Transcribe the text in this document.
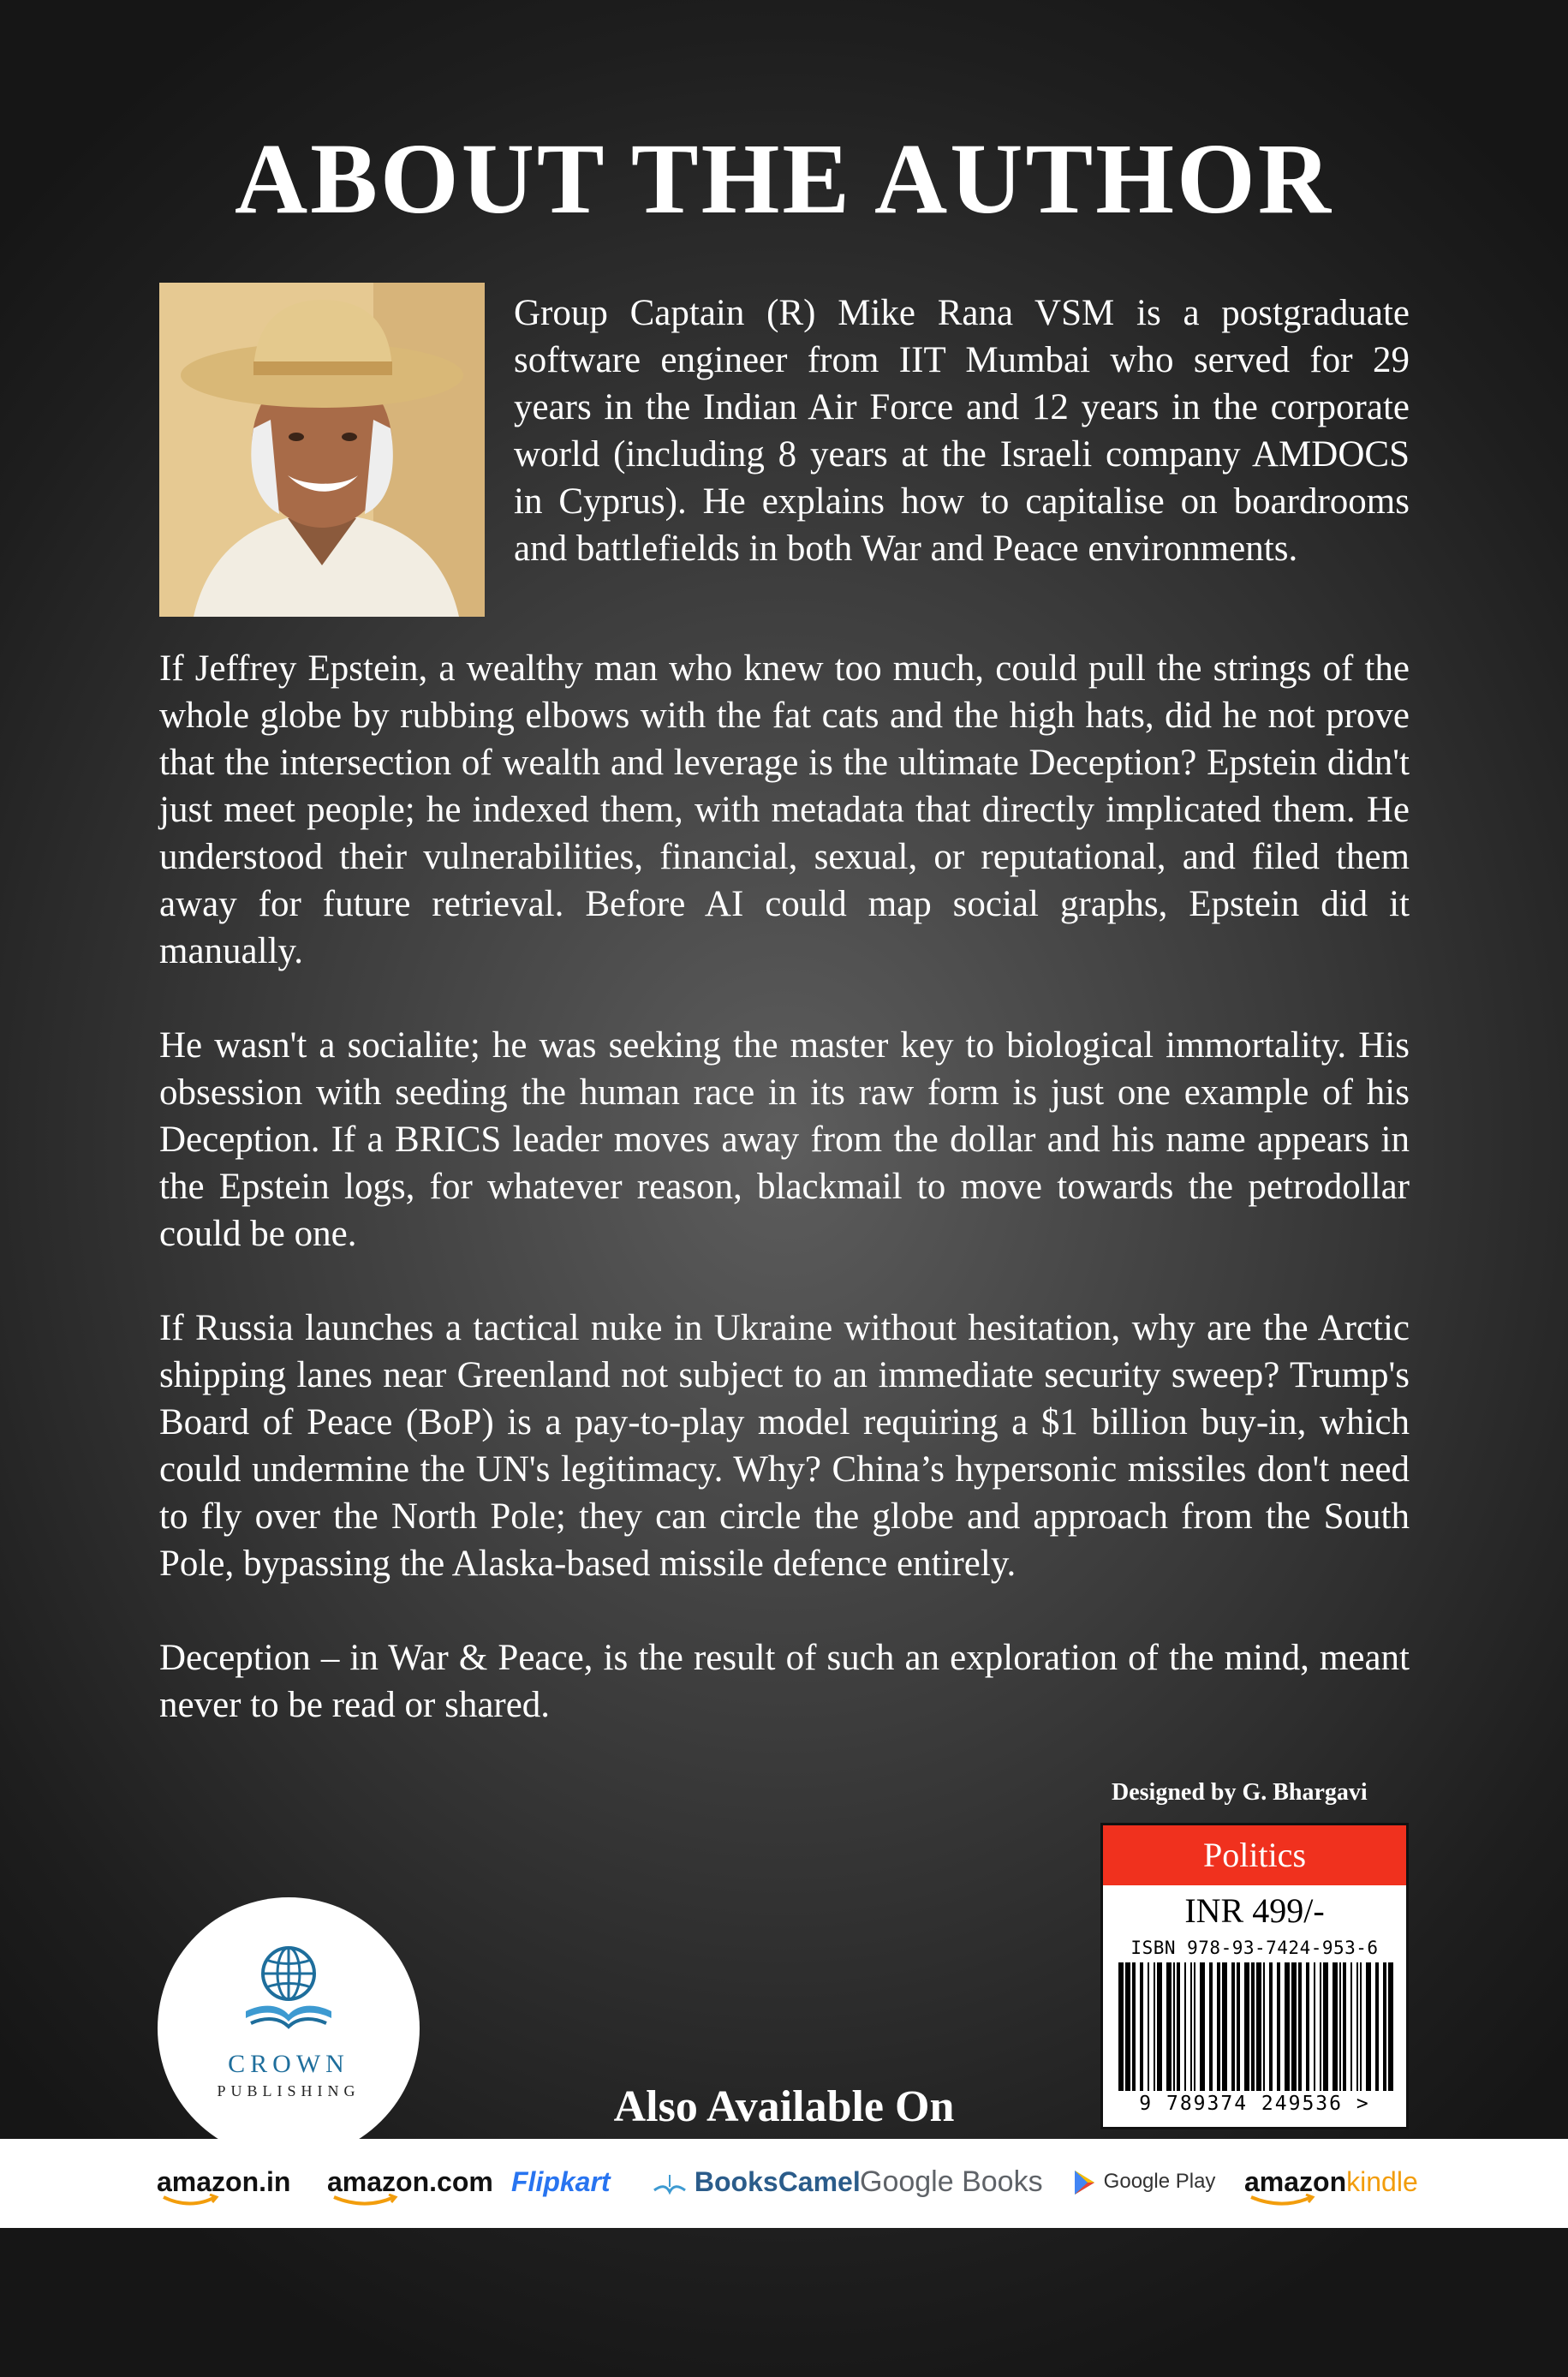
ABOUT THE AUTHOR

Group Captain (R) Mike Rana VSM is a postgraduate software engineer from IIT Mumbai who served for 29 years in the Indian Air Force and 12 years in the corporate world (including 8 years at the Israeli company AMDOCS in Cyprus). He explains how to capitalise on boardrooms and battlefields in both War and Peace environments.

If Jeffrey Epstein, a wealthy man who knew too much, could pull the strings of the whole globe by rubbing elbows with the fat cats and the high hats, did he not prove that the intersection of wealth and leverage is the ultimate Deception? Epstein didn't just meet people; he indexed them, with metadata that directly implicated them. He understood their vulnerabilities, financial, sexual, or reputational, and filed them away for future retrieval. Before AI could map social graphs, Epstein did it manually.

He wasn't a socialite; he was seeking the master key to biological immortality. His obsession with seeding the human race in its raw form is just one example of his Deception. If a BRICS leader moves away from the dollar and his name appears in the Epstein logs, for whatever reason, blackmail to move towards the petrodollar could be one.

If Russia launches a tactical nuke in Ukraine without hesitation, why are the Arctic shipping lanes near Greenland not subject to an immediate security sweep? Trump's Board of Peace (BoP) is a pay-to-play model requiring a $1 billion buy-in, which could undermine the UN's legitimacy. Why? China’s hypersonic missiles don't need to fly over the North Pole; they can circle the globe and approach from the South Pole, bypassing the Alaska-based missile defence entirely.

Deception – in War & Peace, is the result of such an exploration of the mind, meant never to be read or shared.

Designed by G. Bhargavi
Politics
INR 499/-
ISBN 978-93-7424-953-6
9 789374 249536 >
CROWN
PUBLISHING	Also Available On
amazon.in amazon.com Flipkart	BooksCamel Google Books	Google Play amazonkindle
